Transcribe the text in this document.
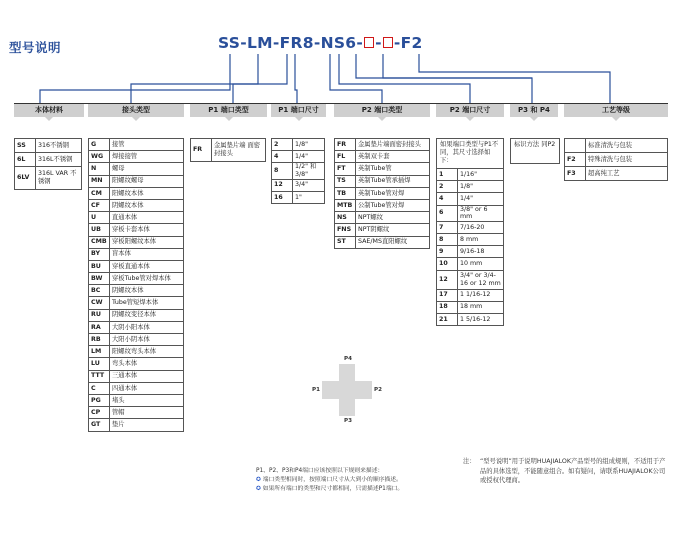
型号说明	SS-LM-FR8-NS6- - -F2
本体材料	接头类型	P1 端口类型	P1 端口尺寸	P2 端口类型	P2 端口尺寸	P3 和 P4	工艺等级
SS	316不锈钢
6L	316L不锈钢
6LV	316L VAR 不锈钢
G	接管
WG	焊接接管
N	螺母
MN	阳螺纹螺母
CM	阳螺纹本体
CF	阴螺纹本体
U	直通本体
UB	穿板卡套本体
CMB	穿板阳螺纹本体
BY	盲本体
BU	穿板直通本体
BW	穿板Tube管对焊本体
BC	阴螺纹本体
CW	Tube管短焊本体
RU	阴螺纹变径本体
RA	大阴小阳本体
RB	大阳小阴本体
LM	阳螺纹弯头本体
LU	弯头本体
TTT	三通本体
C	四通本体
PG	堵头
CP	管帽
GT	垫片
FR	金属垫片端 面密封接头
2	1/8"
4	1/4"
8	1/2" 和 3/8"
12	3/4"
16	1"
FR	金属垫片端面密封接头
FL	英制双卡套
FT	英制Tube管
TS	英制Tube管承插焊
TB	英制Tube管对焊
MTB	公制Tube管对焊
NS	NPT螺纹
FNS	NPT阴螺纹
ST	SAE/MS直阳螺纹
如果端口类型与P1不同，其尺寸选择如下：
1	1/16"
2	1/8"
4	1/4"
6	3/8" or 6 mm
7	7/16-20
8	8 mm
9	9/16-18
10	10 mm
12	3/4" or 3/4-16 or 12 mm
17	1 1/16-12
18	18 mm
21	1 5/16-12
标识方法 同P2
		标准清洗与包装
F2	特殊清洗与包装
F3	超高纯工艺
P4
P1	P2
P3
P1、P2、P3和P4端口应该按照以下规则来描述：
✪ 端口类型相同时，按照端口尺寸从大到小的顺序描述。
✪ 如果所有端口的类型和尺寸都相同，只需描述P1端口。
注： “型号说明”用于说明HUAJIALOK产品型号的组成规则，不适用于产品的具体选型，不能随意组合。如有疑问，请联系HUAJIALOK公司或授权代理商。
